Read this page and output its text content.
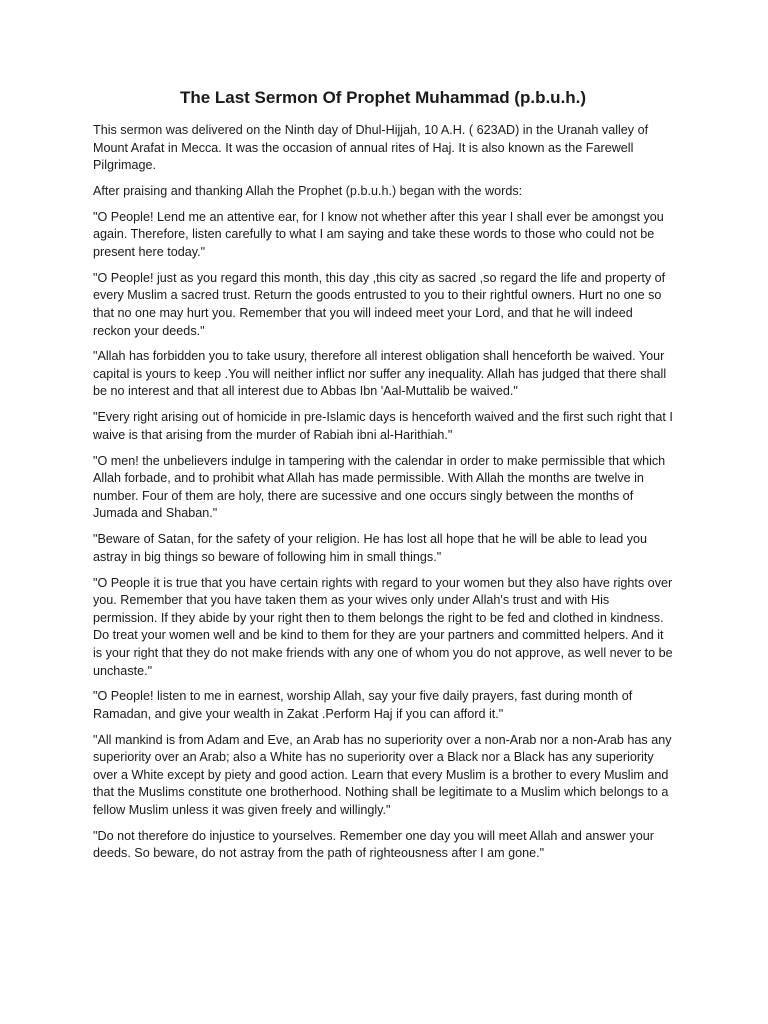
The Last Sermon Of Prophet Muhammad (p.b.u.h.)

This sermon was delivered on the Ninth day of Dhul-Hijjah, 10 A.H. ( 623AD) in the Uranah valley of Mount Arafat in Mecca. It was the occasion of annual rites of Haj. It is also known as the Farewell Pilgrimage.

After praising and thanking Allah the Prophet (p.b.u.h.) began with the words:

"O People! Lend me an attentive ear, for I know not whether after this year I shall ever be amongst you again. Therefore, listen carefully to what I am saying and take these words to those who could not be present here today."

"O People! just as you regard this month, this day ,this city as sacred ,so regard the life and property of every Muslim a sacred trust. Return the goods entrusted to you to their rightful owners. Hurt no one so that no one may hurt you. Remember that you will indeed meet your Lord, and that he will indeed reckon your deeds."

"Allah has forbidden you to take usury, therefore all interest obligation shall henceforth be waived. Your capital is yours to keep .You will neither inflict nor suffer any inequality. Allah has judged that there shall be no interest and that all interest due to Abbas Ibn 'Aal-Muttalib be waived."

"Every right arising out of homicide in pre-Islamic days is henceforth waived and the first such right that I waive is that arising from the murder of Rabiah ibni al-Harithiah."

"O men! the unbelievers indulge in tampering with the calendar in order to make permissible that which Allah forbade, and to prohibit what Allah has made permissible. With Allah the months are twelve in number. Four of them are holy, there are sucessive and one occurs singly between the months of Jumada and Shaban."

"Beware of Satan, for the safety of your religion. He has lost all hope that he will be able to lead you astray in big things so beware of following him in small things."

"O People it is true that you have certain rights with regard to your women but they also have rights over you. Remember that you have taken them as your wives only under Allah's trust and with His permission. If they abide by your right then to them belongs the right to be fed and clothed in kindness. Do treat your women well and be kind to them for they are your partners and committed helpers. And it is your right that they do not make friends with any one of whom you do not approve, as well never to be unchaste."

"O People! listen to me in earnest, worship Allah, say your five daily prayers, fast during month of Ramadan, and give your wealth in Zakat .Perform Haj if you can afford it."

"All mankind is from Adam and Eve, an Arab has no superiority over a non-Arab nor a non-Arab has any superiority over an Arab; also a White has no superiority over a Black nor a Black has any superiority over a White except by piety and good action. Learn that every Muslim is a brother to every Muslim and that the Muslims constitute one brotherhood. Nothing shall be legitimate to a Muslim which belongs to a fellow Muslim unless it was given freely and willingly."

"Do not therefore do injustice to yourselves. Remember one day you will meet Allah and answer your deeds. So beware, do not astray from the path of righteousness after I am gone."
